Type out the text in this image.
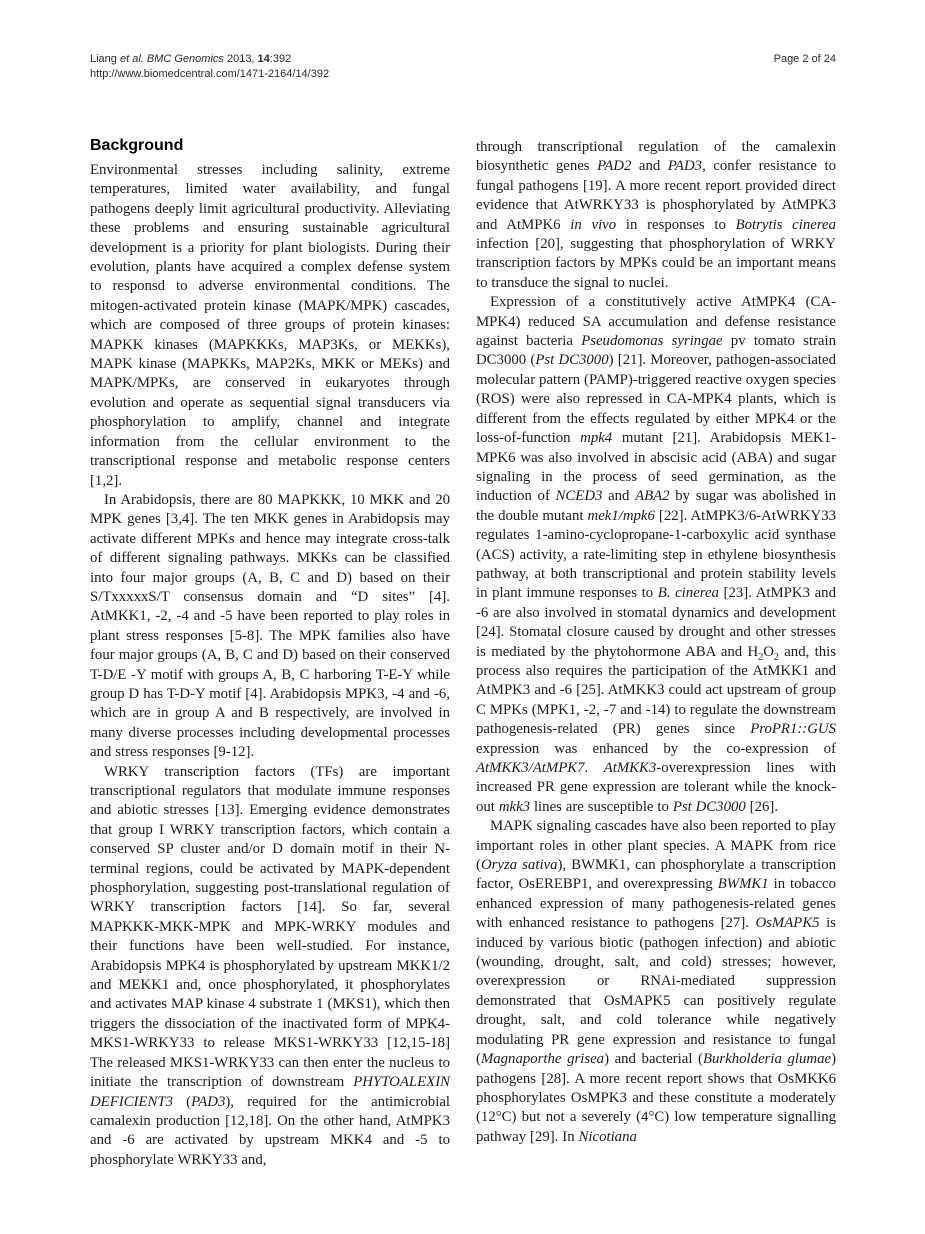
Liang et al. BMC Genomics 2013, 14:392
http://www.biomedcentral.com/1471-2164/14/392
Page 2 of 24
Background

Environmental stresses including salinity, extreme temperatures, limited water availability, and fungal pathogens deeply limit agricultural productivity. Alleviating these problems and ensuring sustainable agricultural development is a priority for plant biologists. During their evolution, plants have acquired a complex defense system to responsd to adverse environmental conditions. The mitogen-activated protein kinase (MAPK/MPK) cascades, which are composed of three groups of protein kinases: MAPKK kinases (MAPKKKs, MAP3Ks, or MEKKs), MAPK kinase (MAPKKs, MAP2Ks, MKK or MEKs) and MAPK/MPKs, are conserved in eukaryotes through evolution and operate as sequential signal transducers via phosphorylation to amplify, channel and integrate information from the cellular environment to the transcriptional response and metabolic response centers [1,2].

In Arabidopsis, there are 80 MAPKKK, 10 MKK and 20 MPK genes [3,4]. The ten MKK genes in Arabidopsis may activate different MPKs and hence may integrate cross-talk of different signaling pathways. MKKs can be classified into four major groups (A, B, C and D) based on their S/TxxxxxS/T consensus domain and “D sites” [4]. AtMKK1, -2, -4 and -5 have been reported to play roles in plant stress responses [5-8]. The MPK families also have four major groups (A, B, C and D) based on their conserved T-D/E -Y motif with groups A, B, C harboring T-E-Y while group D has T-D-Y motif [4]. Arabidopsis MPK3, -4 and -6, which are in group A and B respectively, are involved in many diverse processes including developmental processes and stress responses [9-12].

WRKY transcription factors (TFs) are important transcriptional regulators that modulate immune responses and abiotic stresses [13]. Emerging evidence demonstrates that group I WRKY transcription factors, which contain a conserved SP cluster and/or D domain motif in their N-terminal regions, could be activated by MAPK-dependent phosphorylation, suggesting post-translational regulation of WRKY transcription factors [14]. So far, several MAPKKK-MKK-MPK and MPK-WRKY modules and their functions have been well-studied. For instance, Arabidopsis MPK4 is phosphorylated by upstream MKK1/2 and MEKK1 and, once phosphorylated, it phosphorylates and activates MAP kinase 4 substrate 1 (MKS1), which then triggers the dissociation of the inactivated form of MPK4-MKS1-WRKY33 to release MKS1-WRKY33 [12,15-18] The released MKS1-WRKY33 can then enter the nucleus to initiate the transcription of downstream PHYTOALEXIN DEFICIENT3 (PAD3), required for the antimicrobial camalexin production [12,18]. On the other hand, AtMPK3 and -6 are activated by upstream MKK4 and -5 to phosphorylate WRKY33 and,

through transcriptional regulation of the camalexin biosynthetic genes PAD2 and PAD3, confer resistance to fungal pathogens [19]. A more recent report provided direct evidence that AtWRKY33 is phosphorylated by AtMPK3 and AtMPK6 in vivo in responses to Botrytis cinerea infection [20], suggesting that phosphorylation of WRKY transcription factors by MPKs could be an important means to transduce the signal to nuclei.

Expression of a constitutively active AtMPK4 (CA-MPK4) reduced SA accumulation and defense resistance against bacteria Pseudomonas syringae pv tomato strain DC3000 (Pst DC3000) [21]. Moreover, pathogen-associated molecular pattern (PAMP)-triggered reactive oxygen species (ROS) were also repressed in CA-MPK4 plants, which is different from the effects regulated by either MPK4 or the loss-of-function mpk4 mutant [21]. Arabidopsis MEK1-MPK6 was also involved in abscisic acid (ABA) and sugar signaling in the process of seed germination, as the induction of NCED3 and ABA2 by sugar was abolished in the double mutant mek1/mpk6 [22]. AtMPK3/6-AtWRKY33 regulates 1-amino-cyclopropane-1-carboxylic acid synthase (ACS) activity, a rate-limiting step in ethylene biosynthesis pathway, at both transcriptional and protein stability levels in plant immune responses to B. cinerea [23]. AtMPK3 and -6 are also involved in stomatal dynamics and development [24]. Stomatal closure caused by drought and other stresses is mediated by the phytohormone ABA and $H_2O_2$ and, this process also requires the participation of the AtMKK1 and AtMPK3 and -6 [25]. AtMKK3 could act upstream of group C MPKs (MPK1, -2, -7 and -14) to regulate the downstream pathogenesis-related (PR) genes since ProPR1::GUS expression was enhanced by the co-expression of AtMKK3/AtMPK7. AtMKK3-overexpression lines with increased PR gene expression are tolerant while the knock-out mkk3 lines are susceptible to Pst DC3000 [26].

MAPK signaling cascades have also been reported to play important roles in other plant species. A MAPK from rice (Oryza sativa), BWMK1, can phosphorylate a transcription factor, OsEREBP1, and overexpressing BWMK1 in tobacco enhanced expression of many pathogenesis-related genes with enhanced resistance to pathogens [27]. OsMAPK5 is induced by various biotic (pathogen infection) and abiotic (wounding, drought, salt, and cold) stresses; however, overexpression or RNAi-mediated suppression demonstrated that OsMAPK5 can positively regulate drought, salt, and cold tolerance while negatively modulating PR gene expression and resistance to fungal (Magnaporthe grisea) and bacterial (Burkholderia glumae) pathogens [28]. A more recent report shows that OsMKK6 phosphorylates OsMPK3 and these constitute a moderately (12°C) but not a severely (4°C) low temperature signalling pathway [29]. In Nicotiana
